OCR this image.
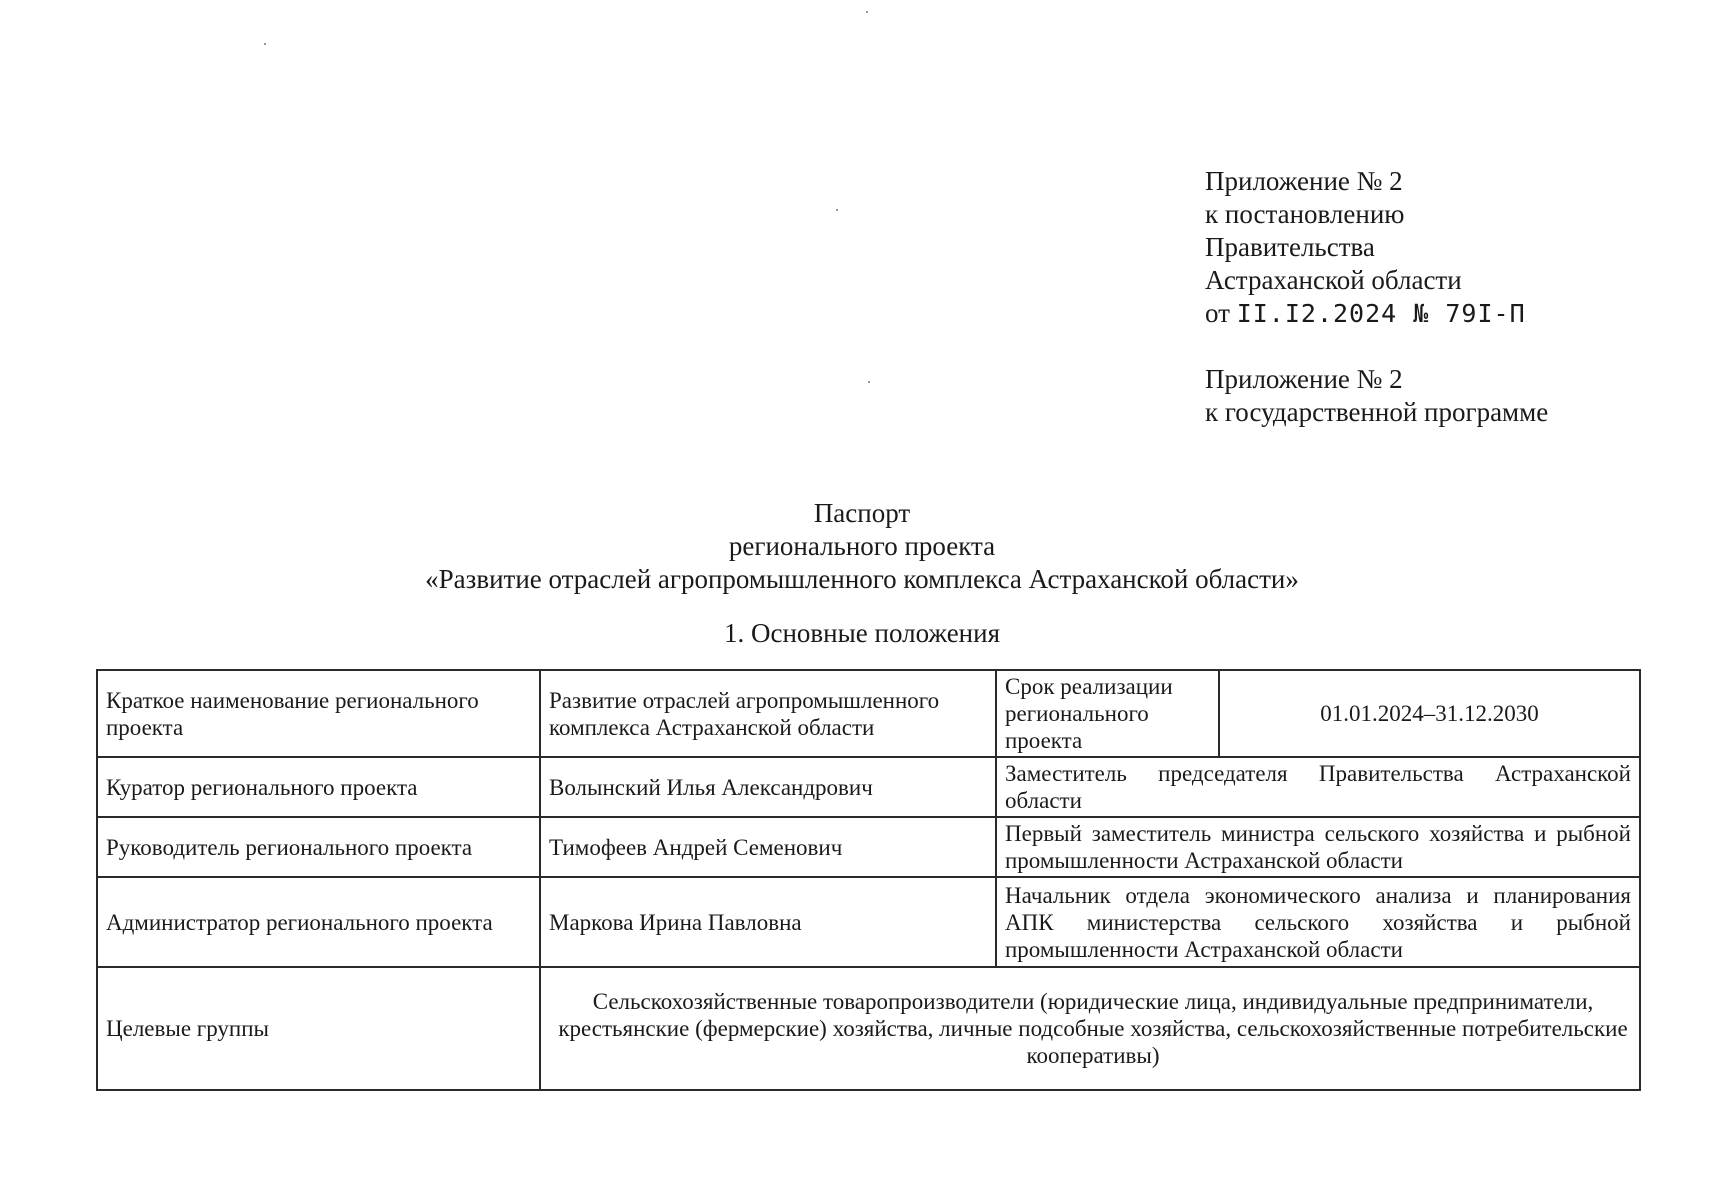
Приложение № 2
к постановлению
Правительства
Астраханской области
от II.I2.2024 № 79I-П
Приложение № 2
к государственной программе
Паспорт
регионального проекта
«Развитие отраслей агропромышленного комплекса Астраханской области»
1. Основные положения
Краткое наименование регионального проекта	Развитие отраслей агропромышленного комплекса Астраханской области	Срок реализации регионального проекта	01.01.2024–31.12.2030
Куратор регионального проекта	Волынский Илья Александрович	Заместитель председателя Правительства Астраханской области	
Руководитель регионального проекта	Тимофеев Андрей Семенович	Первый заместитель министра сельского хозяйства и рыбной промышленности Астраханской области	
Администратор регионального проекта	Маркова Ирина Павловна	Начальник отдела экономического анализа и планирования АПК министерства сельского хозяйства и рыбной промышленности Астраханской области	
Целевые группы	Сельскохозяйственные товаропроизводители (юридические лица, индивидуальные предприниматели, крестьянские (фермерские) хозяйства, личные подсобные хозяйства, сельскохозяйственные потребительские кооперативы)		
